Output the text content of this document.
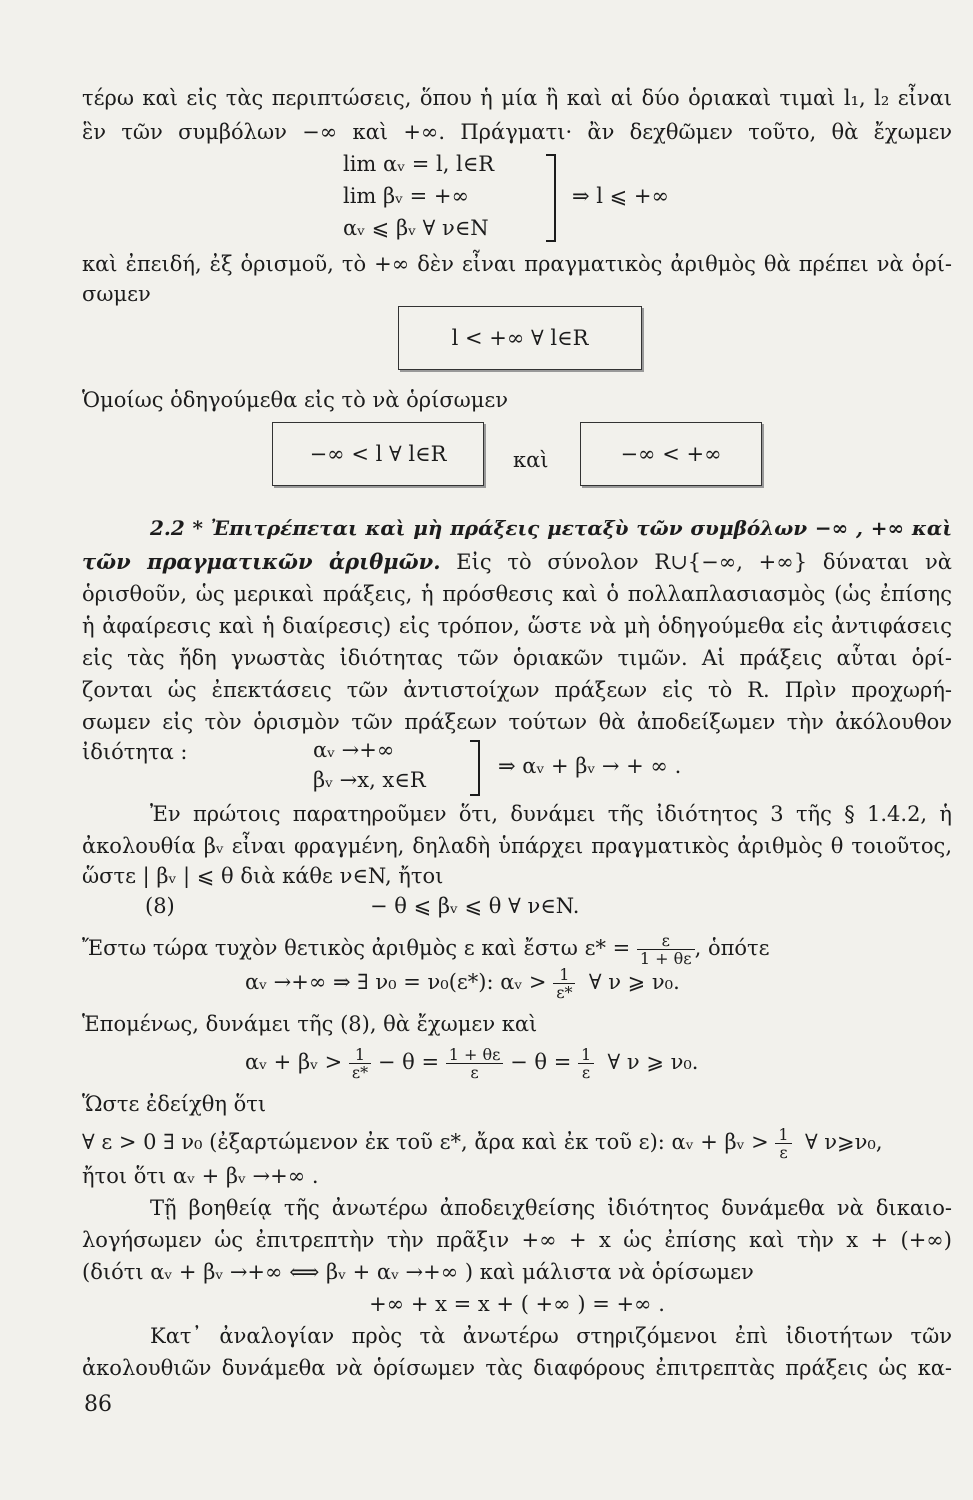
τέρω καὶ εἰς τὰς περιπτώσεις, ὅπου ἡ μία ἢ καὶ αἱ δύο ὁριακαὶ τιμαὶ l₁, l₂ εἶναι
ἓν τῶν συμβόλων −∞ καὶ +∞. Πράγματι· ἂν δεχθῶμεν τοῦτο, θὰ ἔχωμεν
lim αᵥ = l, l∈R
lim βᵥ = +∞
αᵥ ⩽ βᵥ ∀ ν∈N
⇒ l ⩽ +∞
καὶ ἐπειδή, ἐξ ὁρισμοῦ, τὸ +∞ δὲν εἶναι πραγματικὸς ἀριθμὸς θὰ πρέπει νὰ ὁρί-
σωμεν
l < +∞ ∀ l∈R
Ὁμοίως ὁδηγούμεθα εἰς τὸ νὰ ὁρίσωμεν
−∞ < l ∀ l∈R	καὶ	−∞ < +∞
2.2 * Ἐπιτρέπεται καὶ μὴ πράξεις μεταξὺ τῶν συμβόλων −∞ , +∞ καὶ
τῶν πραγματικῶν ἀριθμῶν. Εἰς τὸ σύνολον R∪{−∞, +∞} δύναται νὰ
ὁρισθοῦν, ὡς μερικαὶ πράξεις, ἡ πρόσθεσις καὶ ὁ πολλαπλασιασμὸς (ὡς ἐπίσης
ἡ ἀφαίρεσις καὶ ἡ διαίρεσις) εἰς τρόπον, ὥστε νὰ μὴ ὁδηγούμεθα εἰς ἀντιφάσεις
εἰς τὰς ἤδη γνωστὰς ἰδιότητας τῶν ὁριακῶν τιμῶν. Αἱ πράξεις αὗται ὁρί-
ζονται ὡς ἐπεκτάσεις τῶν ἀντιστοίχων πράξεων εἰς τὸ R. Πρὶν προχωρή-
σωμεν εἰς τὸν ὁρισμὸν τῶν πράξεων τούτων θὰ ἀποδείξωμεν τὴν ἀκόλουθον
ἰδιότητα :	αᵥ →+∞
βᵥ →x, x∈R
⇒ αᵥ + βᵥ → + ∞ .
Ἐν πρώτοις παρατηροῦμεν ὅτι, δυνάμει τῆς ἰδιότητος 3 τῆς § 1.4.2, ἡ
ἀκολουθία βᵥ εἶναι φραγμένη, δηλαδὴ ὑπάρχει πραγματικὸς ἀριθμὸς θ τοιοῦτος,
ὥστε | βᵥ | ⩽ θ διὰ κάθε ν∈N, ἤτοι
(8)	− θ ⩽ βᵥ ⩽ θ ∀ ν∈N.
Ἔστω τώρα τυχὸν θετικὸς ἀριθμὸς ε καὶ ἔστω $\varepsilon* = \frac{\varepsilon}{1 + \theta\varepsilon}$ , ὁπότε
αᵥ →+∞ ⇒ ∃ ν₀ = ν₀(ε*): αᵥ > $\frac{1}{\varepsilon*}$ ∀ ν ⩾ ν₀.
Ἑπομένως, δυνάμει τῆς (8), θὰ ἔχωμεν καὶ
αᵥ + βᵥ > $\frac{1}{\varepsilon*} - \theta = \frac{1 + \theta\varepsilon}{\varepsilon} - \theta = \frac{1}{\varepsilon}$ ∀ ν ⩾ ν₀.
Ὥστε ἐδείχθη ὅτι
∀ ε > 0 ∃ ν₀ (ἐξαρτώμενον ἐκ τοῦ ε*, ἄρα καὶ ἐκ τοῦ ε): αᵥ + βᵥ > $\frac{1}{\varepsilon}$ ∀ ν⩾ν₀,
ἤτοι ὅτι αᵥ + βᵥ →+∞ .
Τῇ βοηθείᾳ τῆς ἀνωτέρω ἀποδειχθείσης ἰδιότητος δυνάμεθα νὰ δικαιο-
λογήσωμεν ὡς ἐπιτρεπτὴν τὴν πρᾶξιν +∞ + x ὡς ἐπίσης καὶ τὴν x + (+∞)
(διότι αᵥ + βᵥ →+∞ ⟺ βᵥ + αᵥ →+∞ ) καὶ μάλιστα νὰ ὁρίσωμεν
+∞ + x = x + ( +∞ ) = +∞ .
Κατ᾽ ἀναλογίαν πρὸς τὰ ἀνωτέρω στηριζόμενοι ἐπὶ ἰδιοτήτων τῶν
ἀκολουθιῶν δυνάμεθα νὰ ὁρίσωμεν τὰς διαφόρους ἐπιτρεπτὰς πράξεις ὡς κα-
86
